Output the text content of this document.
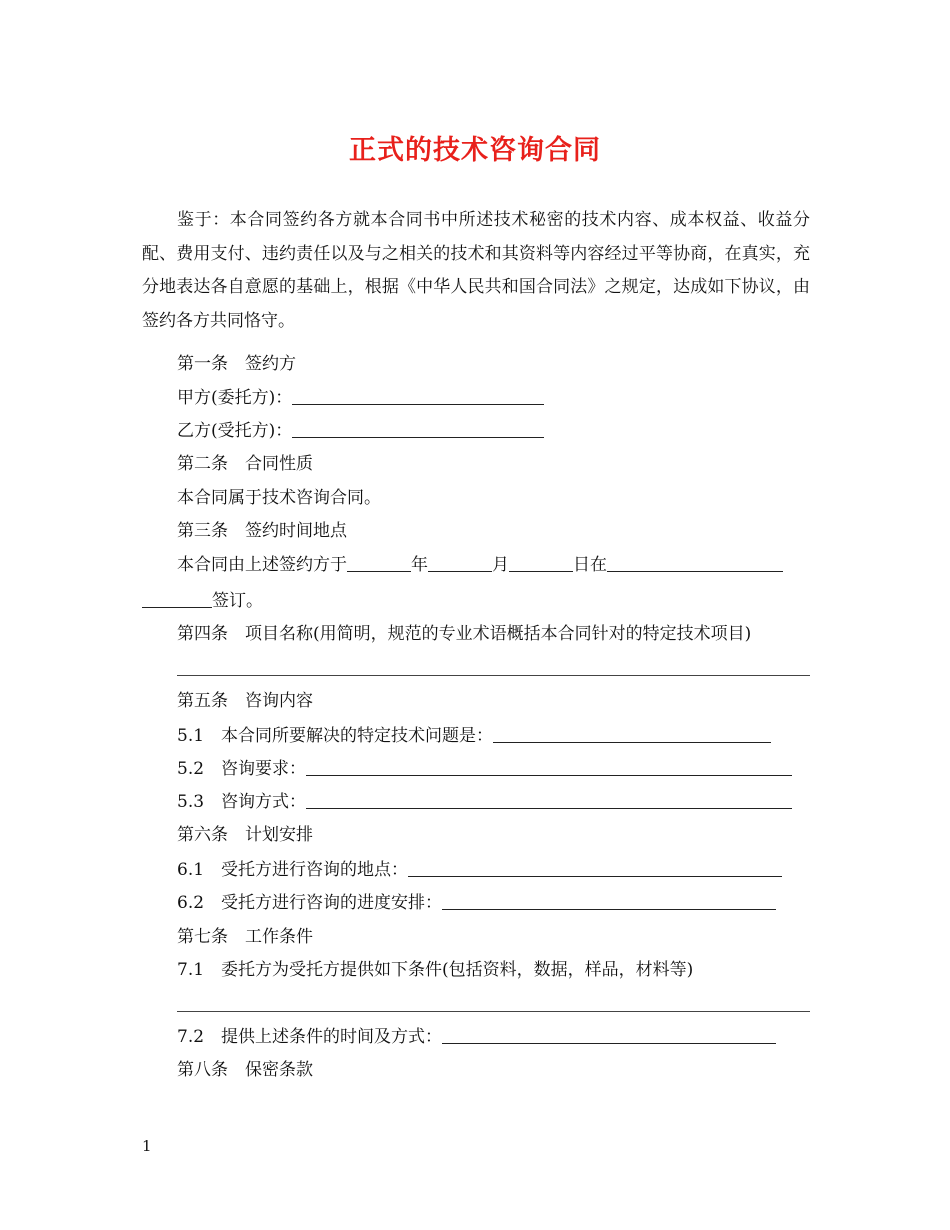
正式的技术咨询合同

鉴于：本合同签约各方就本合同书中所述技术秘密的技术内容、成本权益、收益分配、费用支付、违约责任以及与之相关的技术和其资料等内容经过平等协商，在真实，充分地表达各自意愿的基础上，根据《中华人民共和国合同法》之规定，达成如下协议，由签约各方共同恪守。

第一条　签约方
甲方(委托方)：
乙方(受托方)：
第二条　合同性质
本合同属于技术咨询合同。
第三条　签约时间地点
本合同由上述签约方于	年	月	日在
签订。
第四条　项目名称(用简明，规范的专业术语概括本合同针对的特定技术项目)
第五条　咨询内容
5.1　本合同所要解决的特定技术问题是：
5.2　咨询要求：
5.3　咨询方式：
第六条　计划安排
6.1　受托方进行咨询的地点：
6.2　受托方进行咨询的进度安排：
第七条　工作条件
7.1　委托方为受托方提供如下条件(包括资料，数据，样品，材料等)
7.2　提供上述条件的时间及方式：
第八条　保密条款
1
